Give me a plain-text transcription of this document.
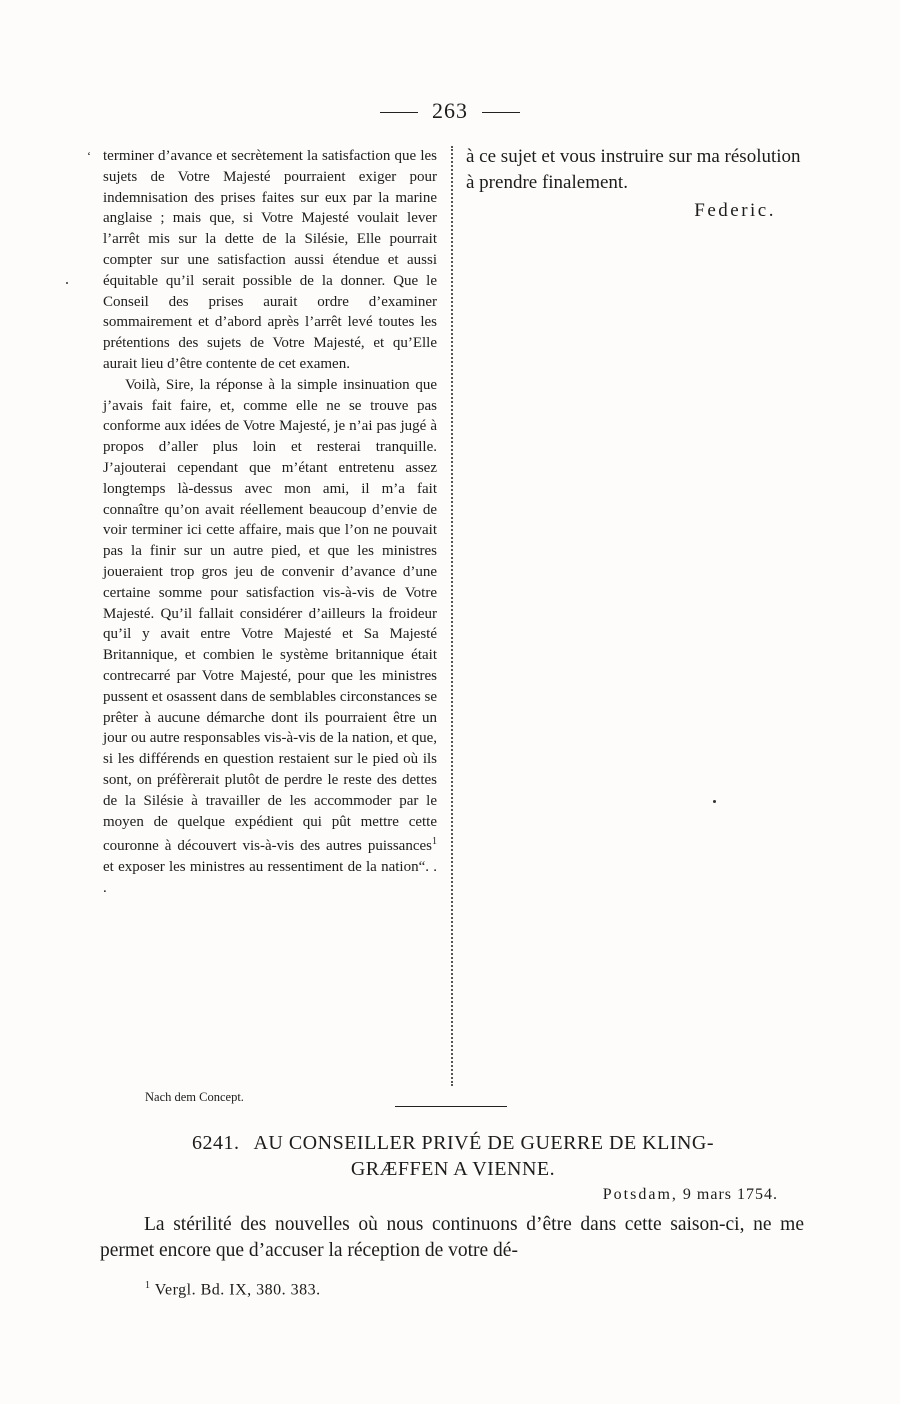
263
ʻ terminer d’avance et secrètement la satisfaction que les sujets de Votre Majesté pourraient exiger pour indemnisation des prises faites sur eux par la marine anglaise ; mais que, si Votre Majesté voulait lever l’arrêt mis sur la dette de la Silésie, Elle pourrait compter sur une satisfaction aussi étendue et aussi équitable qu’il serait possible de la donner. Que le Conseil des prises aurait ordre d’examiner sommairement et d’abord après l’arrêt levé toutes les prétentions des sujets de Votre Majesté, et qu’Elle aurait lieu d’être contente de cet examen.

Voilà, Sire, la réponse à la simple insinuation que j’avais fait faire, et, comme elle ne se trouve pas conforme aux idées de Votre Majesté, je n’ai pas jugé à propos d’aller plus loin et resterai tranquille. J’ajouterai cependant que m’étant entretenu assez longtemps là-dessus avec mon ami, il m’a fait connaître qu’on avait réellement beaucoup d’envie de voir terminer ici cette affaire, mais que l’on ne pouvait pas la finir sur un autre pied, et que les ministres joueraient trop gros jeu de convenir d’avance d’une certaine somme pour satisfaction vis-à-vis de Votre Majesté. Qu’il fallait considérer d’ailleurs la froideur qu’il y avait entre Votre Majesté et Sa Majesté Britannique, et combien le système britannique était contrecarré par Votre Majesté, pour que les ministres pussent et osassent dans de semblables circonstances se prêter à aucune démarche dont ils pourraient être un jour ou autre responsables vis-à-vis de la nation, et que, si les différends en question restaient sur le pied où ils sont, on préfèrerait plutôt de perdre le reste des dettes de la Silésie à travailler de les accommoder par le moyen de quelque expédient qui pût mettre cette couronne à découvert vis-à-vis des autres puissances$^1$ et exposer les ministres au ressentiment de la nation“. . .

Nach dem Concept.

à ce sujet et vous instruire sur ma résolution à prendre finalement.

Federic.
6241. AU CONSEILLER PRIVÉ DE GUERRE DE KLING-
GRÆFFEN A VIENNE.
Potsdam, 9 mars 1754.

La stérilité des nouvelles où nous continuons d’être dans cette saison-ci, ne me permet encore que d’accuser la réception de votre dé-

$^1$ Vergl. Bd. IX, 380. 383.
